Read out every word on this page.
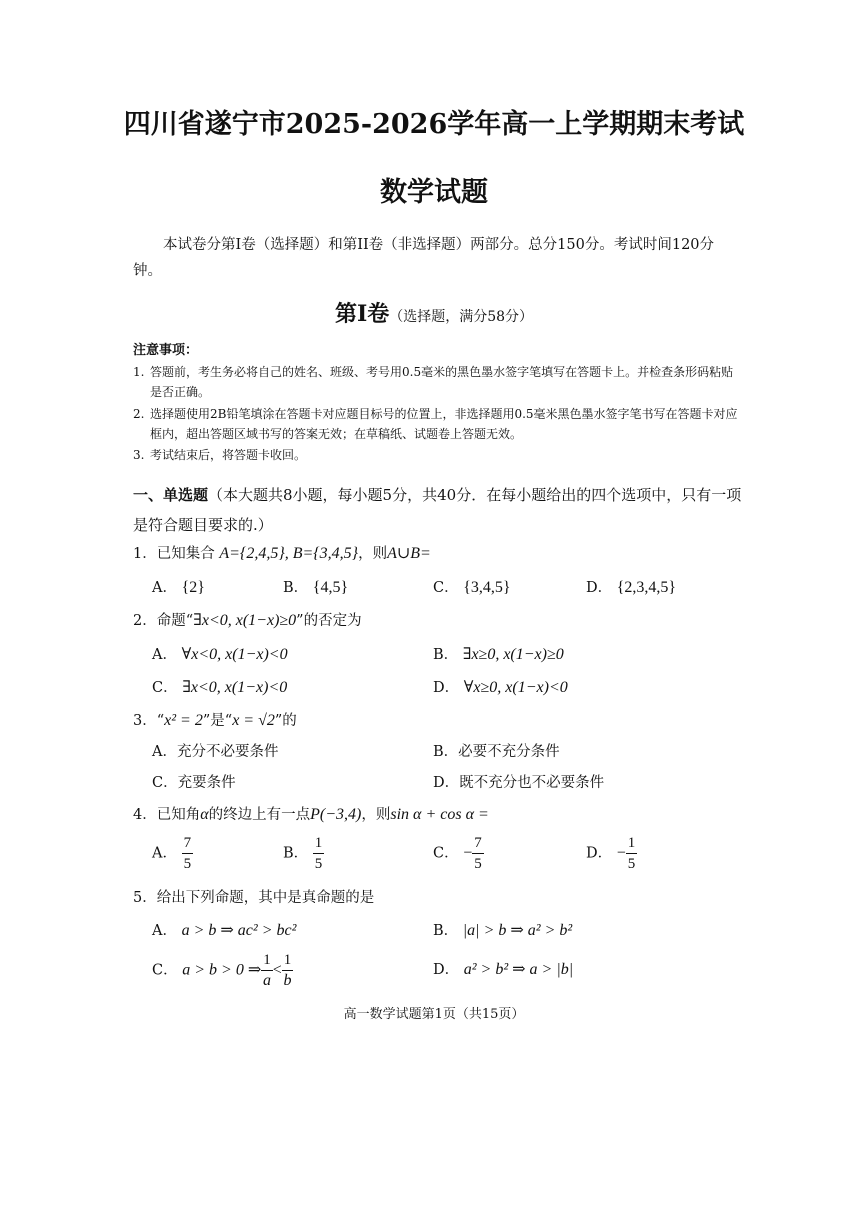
四川省遂宁市2025-2026学年高一上学期期末考试
数学试题
本试卷分第I卷（选择题）和第II卷（非选择题）两部分。总分150分。考试时间120分钟。
第Ⅰ卷（选择题，满分58分）
注意事项：
1. 答题前，考生务必将自己的姓名、班级、考号用0.5毫米的黑色墨水签字笔填写在答题卡上。并检查条形码粘贴
是否正确。
2. 选择题使用2B铅笔填涂在答题卡对应题目标号的位置上，非选择题用0.5毫米黑色墨水签字笔书写在答题卡对应
框内，超出答题区域书写的答案无效；在草稿纸、试题卷上答题无效。
3. 考试结束后，将答题卡收回。
一、单选题（本大题共8小题，每小题5分，共40分．在每小题给出的四个选项中，只有一项是符合题目要求的.）
1．已知集合 A={2,4,5}, B={3,4,5}，则A∪B=
A． {2}	B． {4,5}	C． {3,4,5}	D． {2,3,4,5}
2．命题“∃x<0, x(1−x)≥0”的否定为
A． ∀x<0, x(1−x)<0	B． ∃x≥0, x(1−x)≥0
C． ∃x<0, x(1−x)<0	D． ∀x≥0, x(1−x)<0
3．“x² = 2”是“x = √2”的
A．充分不必要条件	B．必要不充分条件
C．充要条件	D．既不充分也不必要条件
4．已知角α的终边上有一点P(−3,4)，则sin α + cos α =
A． $\frac{7}{5}$	B． $\frac{1}{5}$	C． − $\frac{7}{5}$	D． − $\frac{1}{5}$
5．给出下列命题，其中是真命题的是
A． a > b ⇒ ac² > bc²	B． |a| > b ⇒ a² > b²
C． a > b > 0 ⇒ $\frac{1}{a} < \frac{1}{b}$	D． a² > b² ⇒ a > |b|
高一数学试题第1页（共15页）
